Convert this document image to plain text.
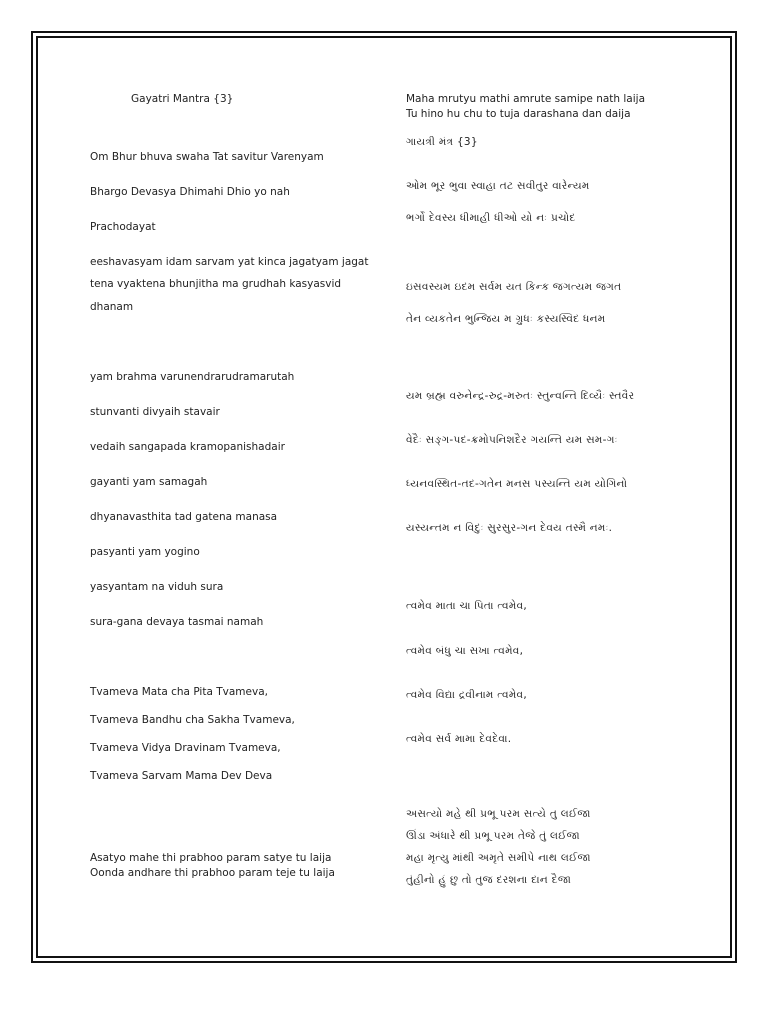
Gayatri Mantra {3}
Om Bhur bhuva swaha Tat savitur Varenyam
Bhargo Devasya Dhimahi Dhio yo nah
Prachodayat
eeshavasyam idam sarvam yat kinca jagatyam jagat
tena vyaktena bhunjitha ma grudhah kasyasvid
dhanam
yam brahma varunendrarudramarutah
stunvanti divyaih stavair
vedaih sangapada kramopanishadair
gayanti yam samagah
dhyanavasthita tad gatena manasa
pasyanti yam yogino
yasyantam na viduh sura
sura-gana devaya tasmai namah
Tvameva Mata cha Pita Tvameva,
Tvameva Bandhu cha Sakha Tvameva,
Tvameva Vidya Dravinam Tvameva,
Tvameva Sarvam Mama Dev Deva
Asatyo mahe thi prabhoo param satye tu laija
Oonda andhare thi prabhoo param teje tu laija
Maha mrutyu mathi amrute samipe nath laija
Tu hino hu chu to tuja darashana dan daija
ગાયત્રી મંત્ર {3}
ઓમ ભૂર ભુવા સ્વાહા તટ સવીતુર વારેન્યમ
ભર્ગો દેવસ્ય ધીમાહી ધીઓ યો નઃ પ્રચોદ
ઇસવસ્યમ ઇદમ સર્વમ યત કિન્ક જગત્યમ જગત
તેન વ્યકતેન ભુન્જિય મ ગ્રુધઃ કસ્યસ્વિદ ધનમ
યમ બ્રહ્મ વરુનેન્દ્ર-રુદ્ર-મરુતઃ સ્તુન્વન્તિ દિવ્યૈઃ સ્તવૈર
વેદૈઃ સઙ્ગ-પદ-ક્રમોપનિશદૈર ગયન્તિ યમ સમ-ગઃ
ધ્યનવસ્થિત-તદ-ગતેન મનસ પસ્યન્તિ યમ યોગિનો
યસ્યન્તમ ન વિદુઃ સુરસુર-ગન દેવય તસ્મૈ નમઃ.
ત્વમેવ માતા ચા પિતા ત્વમેવ,
ત્વમેવ બંધુ ચા સખા ત્વમેવ,
ત્વમેવ વિદ્યા દ્રવીનામ ત્વમેવ,
ત્વમેવ સર્વ મામા દેવદેવા.
અસત્યો મહે થી પ્રભૂ પરમ સત્યે તુ લઈજા
ઊંડા અંધારે થી પ્રભૂ પરમ તેજે તું લઈજા
મહા મૃત્યુ માંથી અમૃતે સમીપે નાથ લઈજા
તુંહીનો હું છુ તો તુજ દરશના દાન દૈજા
